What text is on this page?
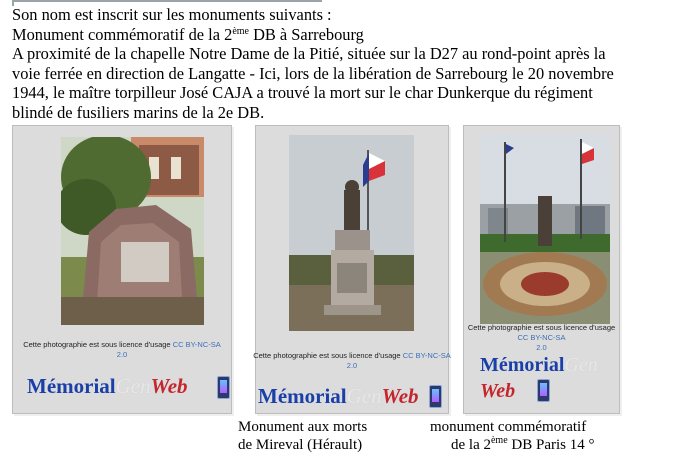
Son nom est inscrit sur les monuments suivants :
Monument commémoratif de la 2ème DB à Sarrebourg
A proximité de la chapelle Notre Dame de la Pitié, située sur la D27 au rond-point après la
voie ferrée en direction de Langatte - Ici, lors de la libération de Sarrebourg le 20 novembre
1944, le maître torpilleur José CAJA a trouvé la mort sur le char Dunkerque du régiment
blindé de fusiliers marins de la 2e DB.
Cette photographie est sous licence d'usage CC BY-NC-SA
2.0
MémorialGenWeb
Cette photographie est sous licence d'usage CC BY-NC-SA
2.0
MémorialGenWeb
Cette photographie est sous licence d'usage CC BY-NC-SA
2.0
MémorialGen
Web
Monument aux morts
de Mireval (Hérault)
monument commémoratif
de la 2ème DB Paris 14 °
